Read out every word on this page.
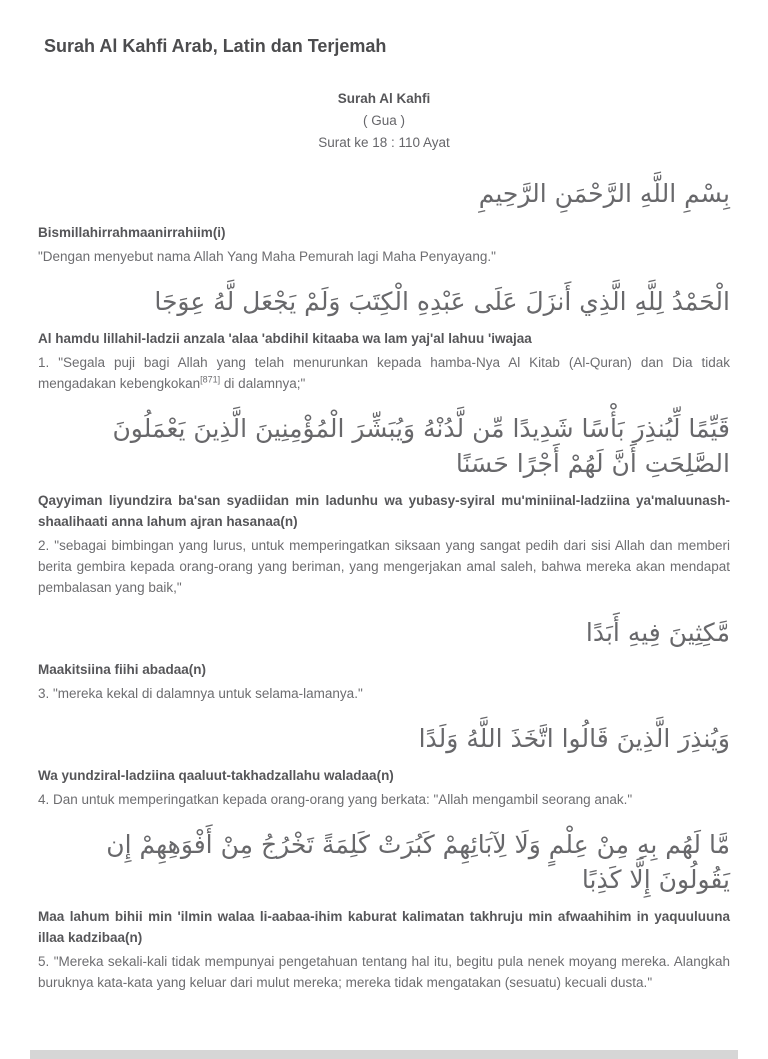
Surah Al Kahfi Arab, Latin dan Terjemah
Surah Al Kahfi
( Gua )
Surat ke 18 : 110 Ayat
بِسْمِ اللَّهِ الرَّحْمَنِ الرَّحِيمِ
Bismillahirrahmaanirrahiim(i)

"Dengan menyebut nama Allah Yang Maha Pemurah lagi Maha Penyayang."

الْحَمْدُ لِلَّهِ الَّذِي أَنزَلَ عَلَى عَبْدِهِ الْكِتَبَ وَلَمْ يَجْعَل لَّهُ عِوَجَا
Al hamdu lillahil-ladzii anzala 'alaa 'abdihil kitaaba wa lam yaj'al lahuu 'iwajaa

1. "Segala puji bagi Allah yang telah menurunkan kepada hamba-Nya Al Kitab (Al-Quran) dan Dia tidak mengadakan kebengkokan[871] di dalamnya;"

قَيِّمًا لِّيُنذِرَ بَأْسًا شَدِيدًا مِّن لَّدُنْهُ وَيُبَشِّرَ الْمُؤْمِنِينَ الَّذِينَ يَعْمَلُونَ الصَّلِحَتِ أَنَّ لَهُمْ أَجْرًا حَسَنًا
Qayyiman liyundzira ba'san syadiidan min ladunhu wa yubasy-syiral mu'miniinal-ladziina ya'maluunash-shaalihaati anna lahum ajran hasanaa(n)

2. "sebagai bimbingan yang lurus, untuk memperingatkan siksaan yang sangat pedih dari sisi Allah dan memberi berita gembira kepada orang-orang yang beriman, yang mengerjakan amal saleh, bahwa mereka akan mendapat pembalasan yang baik,"

مَّكِثِينَ فِيهِ أَبَدًا
Maakitsiina fiihi abadaa(n)

3. "mereka kekal di dalamnya untuk selama-lamanya."

وَيُنذِرَ الَّذِينَ قَالُوا اتَّخَذَ اللَّهُ وَلَدًا
Wa yundziral-ladziina qaaluut-takhadzallahu waladaa(n)

4. Dan untuk memperingatkan kepada orang-orang yang berkata: "Allah mengambil seorang anak."

مَّا لَهُم بِهِ مِنْ عِلْمٍ وَلَا لِآبَائِهِمْ كَبُرَتْ كَلِمَةً تَخْرُجُ مِنْ أَفْوَهِهِمْ إِن يَقُولُونَ إِلَّا كَذِبًا
Maa lahum bihii min 'ilmin walaa li-aabaa-ihim kaburat kalimatan takhruju min afwaahihim in yaquuluuna illaa kadzibaa(n)

5. "Mereka sekali-kali tidak mempunyai pengetahuan tentang hal itu, begitu pula nenek moyang mereka. Alangkah buruknya kata-kata yang keluar dari mulut mereka; mereka tidak mengatakan (sesuatu) kecuali dusta."
